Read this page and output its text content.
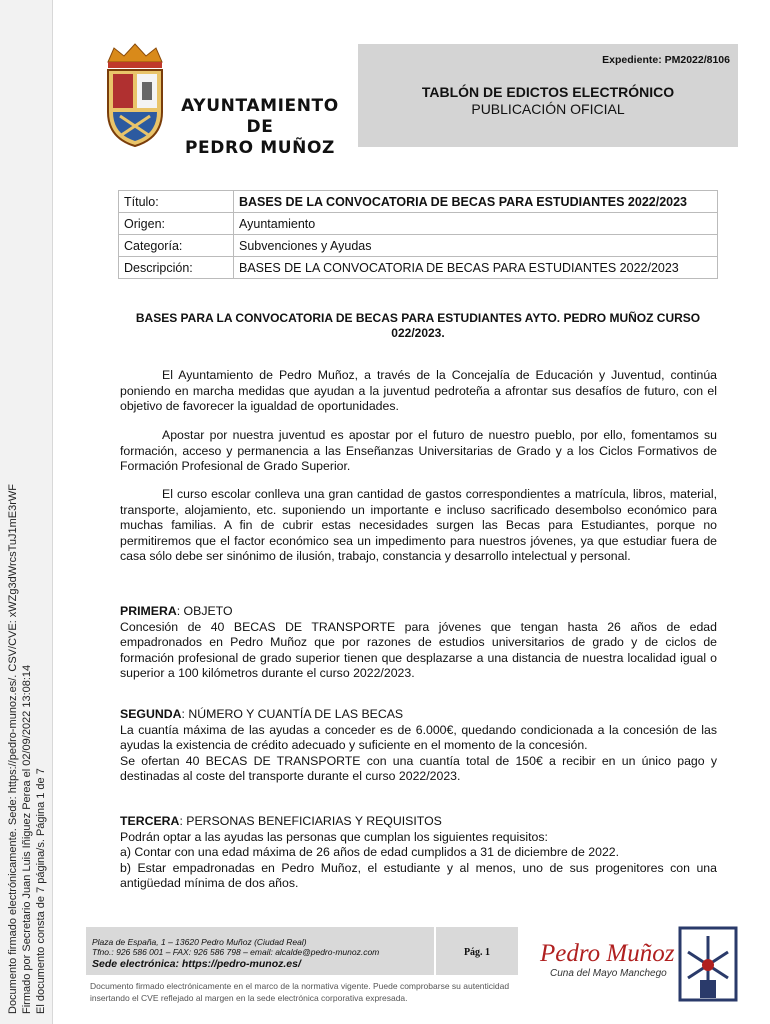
Documento firmado electrónicamente. Sede: https://pedro-munoz.es/. CSV/CVE: xWZg3dWrcsTuJ1mE3rWF Firmado por Secretario Juan Luis Iñiguez Perea el 02/09/2022 13:08:14 El documento consta de 7 página/s. Página 1 de 7
AYUNTAMIENTO DE
PEDRO MUÑOZ
Expediente: PM2022/8106
TABLÓN DE EDICTOS ELECTRÓNICO
PUBLICACIÓN OFICIAL
Título:	BASES DE LA CONVOCATORIA DE BECAS PARA ESTUDIANTES 2022/2023
Origen:	Ayuntamiento
Categoría:	Subvenciones y Ayudas
Descripción:	BASES DE LA CONVOCATORIA DE BECAS PARA ESTUDIANTES 2022/2023
BASES PARA LA CONVOCATORIA DE BECAS PARA ESTUDIANTES AYTO. PEDRO MUÑOZ CURSO 022/2023.
El Ayuntamiento de Pedro Muñoz, a través de la Concejalía de Educación y Juventud, continúa poniendo en marcha medidas que ayudan a la juventud pedroteña a afrontar sus desafíos de futuro, con el objetivo de favorecer la igualdad de oportunidades.
Apostar por nuestra juventud es apostar por el futuro de nuestro pueblo, por ello, fomentamos su formación, acceso y permanencia a las Enseñanzas Universitarias de Grado y a los Ciclos Formativos de Formación Profesional de Grado Superior.
El curso escolar conlleva una gran cantidad de gastos correspondientes a matrícula, libros, material, transporte, alojamiento, etc. suponiendo un importante e incluso sacrificado desembolso económico para muchas familias. A fin de cubrir estas necesidades surgen las Becas para Estudiantes, porque no permitiremos que el factor económico sea un impedimento para nuestros jóvenes, ya que estudiar fuera de casa sólo debe ser sinónimo de ilusión, trabajo, constancia y desarrollo intelectual y personal.
PRIMERA: OBJETO
Concesión de 40 BECAS DE TRANSPORTE para jóvenes que tengan hasta 26 años de edad empadronados en Pedro Muñoz que por razones de estudios universitarios de grado y de ciclos de formación profesional de grado superior tienen que desplazarse a una distancia de nuestra localidad igual o superior a 100 kilómetros durante el curso 2022/2023.
SEGUNDA: NÚMERO Y CUANTÍA DE LAS BECAS
La cuantía máxima de las ayudas a conceder es de 6.000€, quedando condicionada a la concesión de las ayudas la existencia de crédito adecuado y suficiente en el momento de la concesión.
Se ofertan 40 BECAS DE TRANSPORTE con una cuantía total de 150€ a recibir en un único pago y destinadas al coste del transporte durante el curso 2022/2023.
TERCERA: PERSONAS BENEFICIARIAS Y REQUISITOS
Podrán optar a las ayudas las personas que cumplan los siguientes requisitos:
a) Contar con una edad máxima de 26 años de edad cumplidos a 31 de diciembre de 2022.
b) Estar empadronadas en Pedro Muñoz, el estudiante y al menos, uno de sus progenitores con una antigüedad mínima de dos años.
Plaza de España, 1 – 13620 Pedro Muñoz (Ciudad Real)
Tfno.: 926 586 001 – FAX: 926 586 798 – email: alcalde@pedro-munoz.com
Sede electrónica: https://pedro-munoz.es/
Pág. 1
Documento firmado electrónicamente en el marco de la normativa vigente. Puede comprobarse su autenticidad insertando el CVE reflejado al margen en la sede electrónica corporativa expresada.
Pedro Muñoz
Cuna del Mayo Manchego
